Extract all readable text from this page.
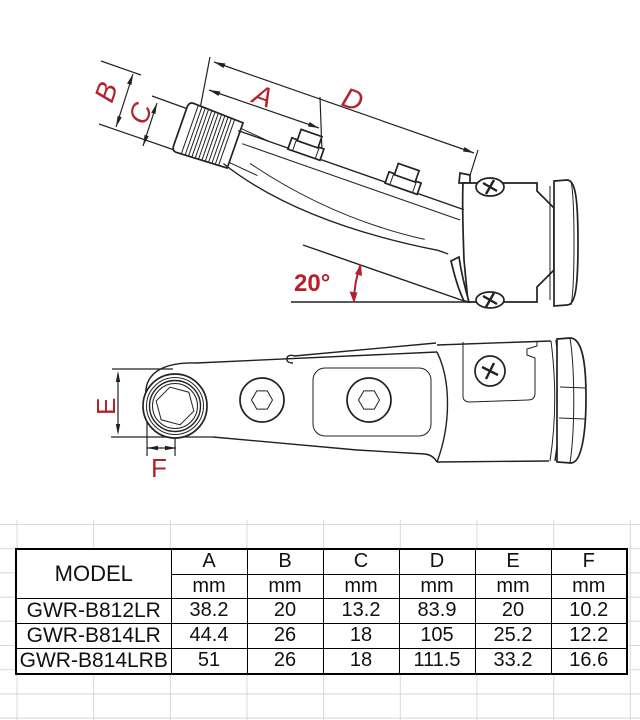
A D
B
C
20°
E
F
MODEL	A	B	C	D	E	F
	mm	mm	mm	mm	mm	mm
GWR-B812LR	38.2	20	13.2	83.9	20	10.2
GWR-B814LR	44.4	26	18	105	25.2	12.2
GWR-B814LRB	51	26	18	111.5	33.2	16.6
